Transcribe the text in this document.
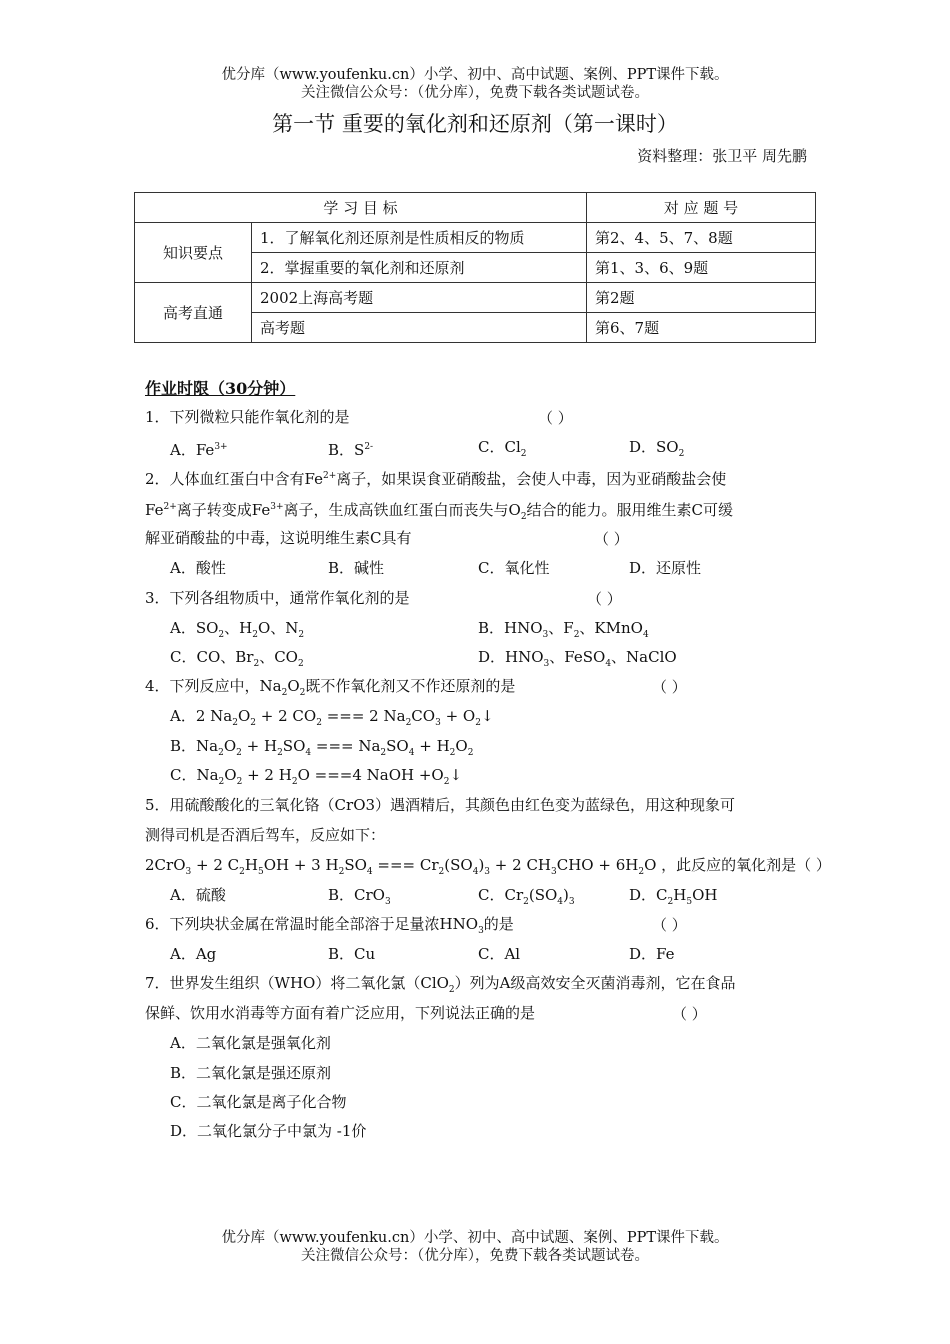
优分库（www.youfenku.cn）小学、初中、高中试题、案例、PPT课件下载。
关注微信公众号：（优分库），免费下载各类试题试卷。
第一节 重要的氧化剂和还原剂（第一课时）
资料整理：张卫平 周先鹏
学 习 目 标		对 应 题 号
知识要点	1．了解氧化剂还原剂是性质相反的物质	第2、4、5、7、8题
	2．掌握重要的氧化剂和还原剂	第1、3、6、9题
高考直通	2002上海高考题	第2题
	高考题	第6、7题
作业时限（30分钟）
1．下列微粒只能作氧化剂的是	（ ）
A．$Fe^{3+}$	B．$S^{2-}$	C．$Cl_2$	D．$SO_2$
2．人体血红蛋白中含有$Fe^{2+}$离子，如果误食亚硝酸盐，会使人中毒，因为亚硝酸盐会使
$Fe^{2+}$离子转变成$Fe^{3+}$离子，生成高铁血红蛋白而丧失与$O_2$结合的能力。服用维生素C可缓
解亚硝酸盐的中毒，这说明维生素C具有	（ ）
A．酸性	B．碱性	C．氧化性	D．还原性
3．下列各组物质中，通常作氧化剂的是	（ ）
A．$SO_2$、$H_2O$、$N_2$	B．$HNO_3$、$F_2$、KMnO$_4$
C．CO、$Br_2$、$CO_2$	D．$HNO_3$、FeSO$_4$、NaClO
4．下列反应中，$Na_2O_2$既不作氧化剂又不作还原剂的是	（ ）
A．2 $Na_2O_2 + 2$ $CO_2$ === 2 $Na_2CO_3$ + $O_2↓$
B．$Na_2O_2 + H_2SO_4$ === $Na_2SO_4 + H_2O_2$
C．$Na_2O_2 + 2$ $H_2O ===4$ NaOH $+O_2↓$
5．用硫酸酸化的三氧化铬（CrO3）遇酒精后，其颜色由红色变为蓝绿色，用这种现象可
测得司机是否酒后驾车，反应如下：
2CrO$_3$ + 2 $C_2H_5OH + 3$ $H_2SO_4$ === $Cr_2(SO_4)_3 + 2$ $CH_3CHO + 6H_2O$ ，此反应的氧化剂是（ ）
A．硫酸	B．CrO$_3$	C．$Cr_2(SO_4)_3$	D．$C_2H_5OH$
6．下列块状金属在常温时能全部溶于足量浓$HNO_3$的是	（ ）
A．Ag	B．Cu	C．Al	D．Fe
7．世界发生组织（WHO）将二氧化氯（ClO$_2$）列为A级高效安全灭菌消毒剂，它在食品
保鲜、饮用水消毒等方面有着广泛应用，下列说法正确的是	（ ）
A．二氧化氯是强氧化剂
B．二氧化氯是强还原剂
C．二氧化氯是离子化合物
D．二氧化氯分子中氯为 -1价
优分库（www.youfenku.cn）小学、初中、高中试题、案例、PPT课件下载。
关注微信公众号：（优分库），免费下载各类试题试卷。
